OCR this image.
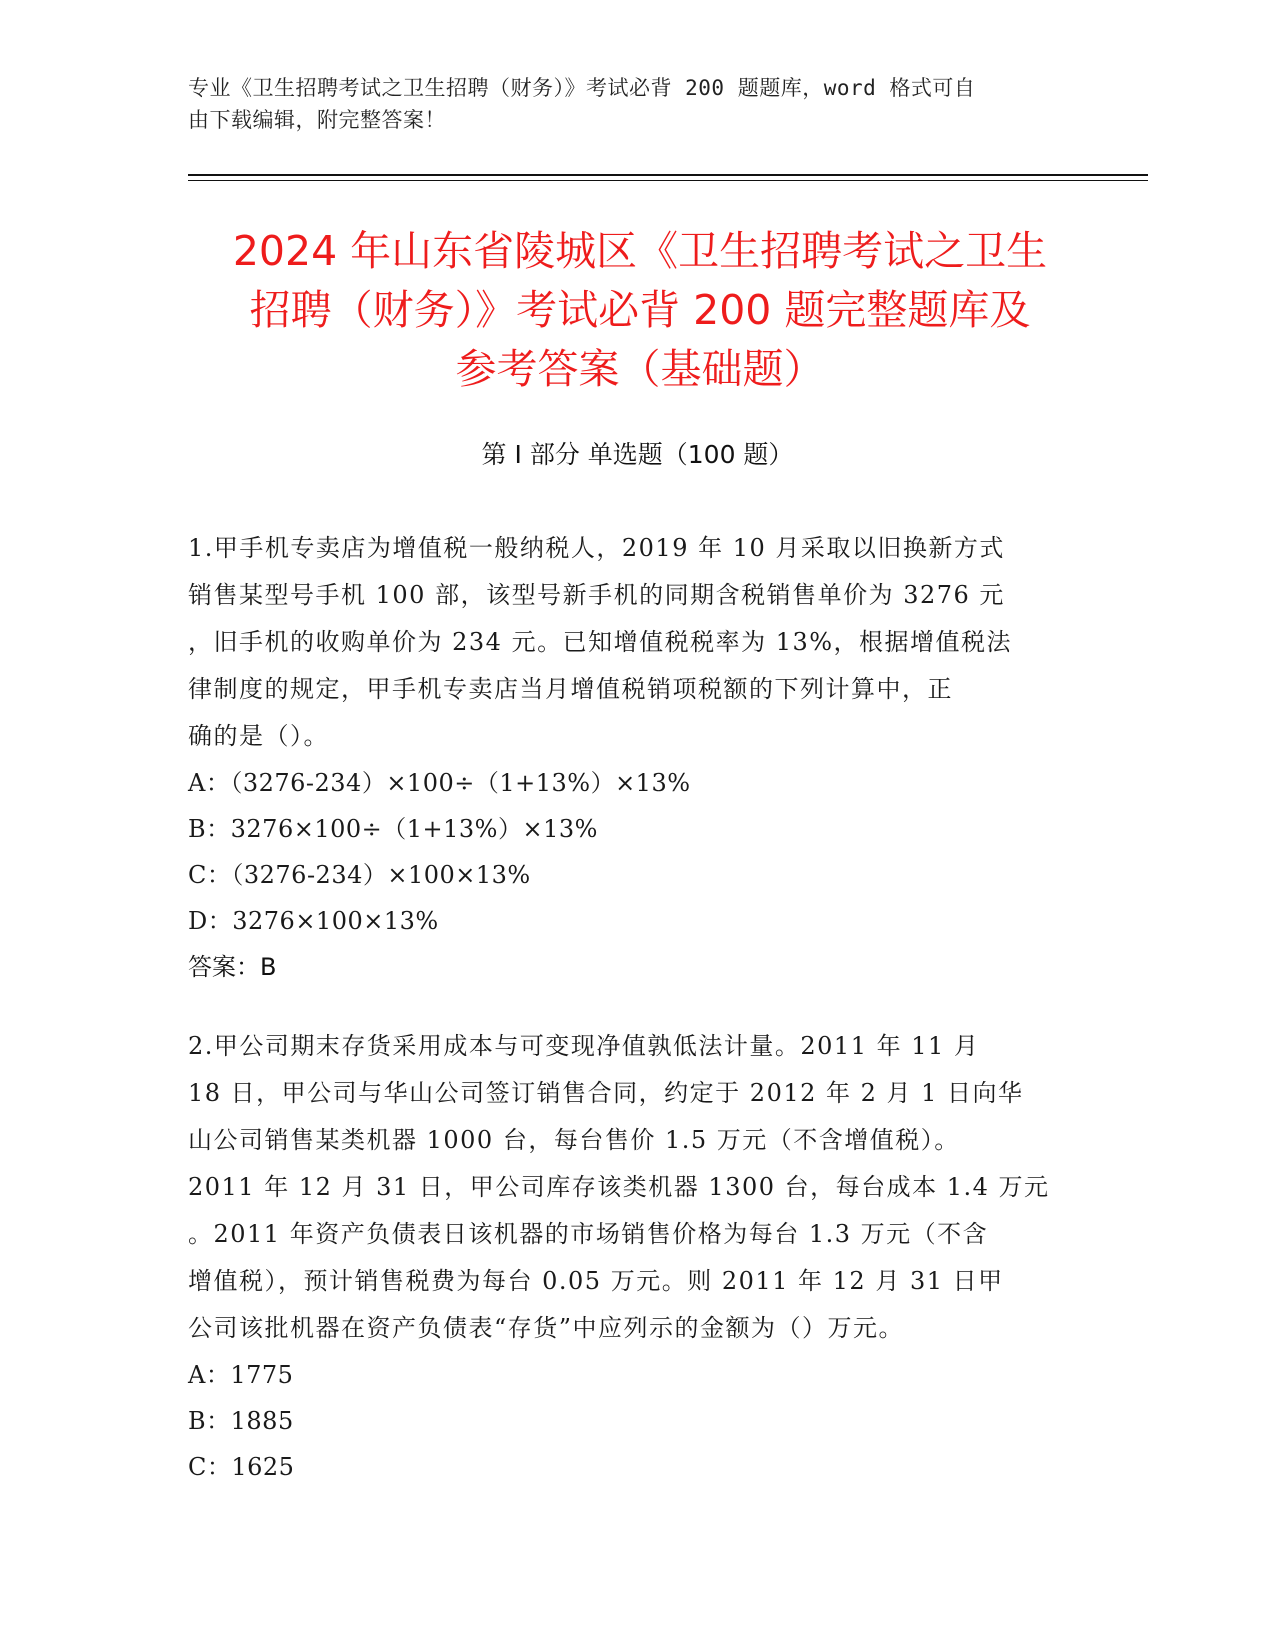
专业《卫生招聘考试之卫生招聘（财务）》考试必背 200 题题库，word 格式可自
由下载编辑，附完整答案！
2024 年山东省陵城区《卫生招聘考试之卫生
招聘（财务）》考试必背 200 题完整题库及
参考答案（基础题）
第 I 部分 单选题（100 题）
1.甲手机专卖店为增值税一般纳税人，2019 年 10 月采取以旧换新方式
销售某型号手机 100 部，该型号新手机的同期含税销售单价为 3276 元
，旧手机的收购单价为 234 元。已知增值税税率为 13%，根据增值税法
律制度的规定，甲手机专卖店当月增值税销项税额的下列计算中，正
确的是（）。
A：（3276-234）×100÷（1+13%）×13%
B：3276×100÷（1+13%）×13%
C：（3276-234）×100×13%
D：3276×100×13%
答案：B
2.甲公司期末存货采用成本与可变现净值孰低法计量。2011 年 11 月
18 日，甲公司与华山公司签订销售合同，约定于 2012 年 2 月 1 日向华
山公司销售某类机器 1000 台，每台售价 1.5 万元（不含增值税）。
2011 年 12 月 31 日，甲公司库存该类机器 1300 台，每台成本 1.4 万元
。2011 年资产负债表日该机器的市场销售价格为每台 1.3 万元（不含
增值税），预计销售税费为每台 0.05 万元。则 2011 年 12 月 31 日甲
公司该批机器在资产负债表“存货”中应列示的金额为（）万元。
A：1775
B：1885
C：1625
